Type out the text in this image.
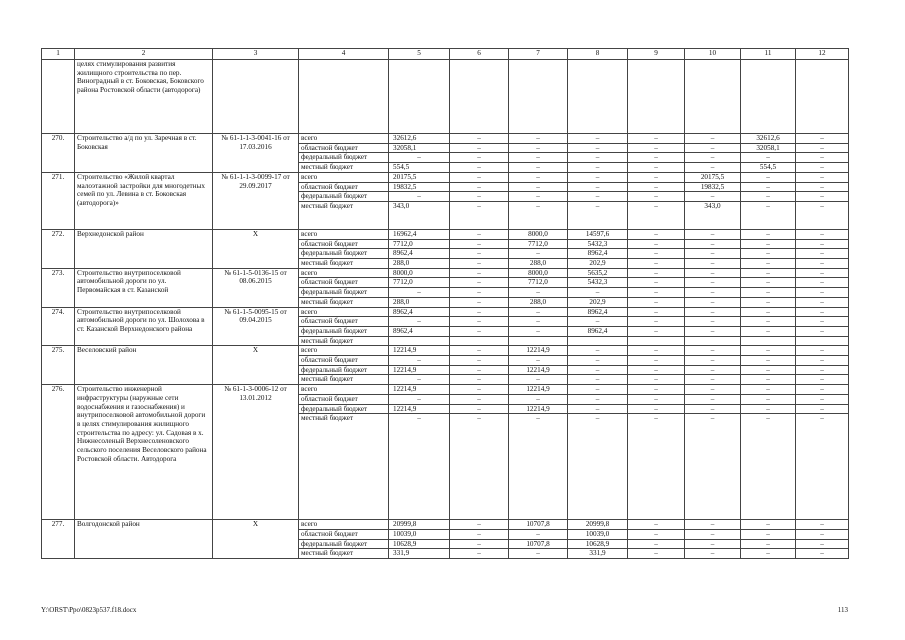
1	2	3	4	5	6	7	8	9	10	11	12
	целях стимулирования развития жилищного строительства по пер. Виноградный в ст. Боковская, Боковского района Ростовской области (автодорога)										
270.	Строительство а/д по ул. Заречная в ст. Боковская	№ 61-1-1-3-0041-16 от 17.03.2016	всего	32612,6	–	–	–	–	–	32612,6	–
			областной бюджет	32058,1	–	–	–	–	–	32058,1	–
			федеральный бюджет	–	–	–	–	–	–	–	–
			местный бюджет	554,5	–	–	–	–	–	554,5	–
271.	Строительство «Жилой квартал малоэтажной застройки для многодетных семей по ул. Левина в ст. Боковская (автодорога)»	№ 61-1-1-3-0099-17 от 29.09.2017	всего	20175,5	–	–	–	–	20175,5	–	–
			областной бюджет	19832,5	–	–	–	–	19832,5	–	–
			федеральный бюджет	–	–	–	–	–	–	–	–
			местный бюджет	343,0	–	–	–	–	343,0	–	–
272.	Верхнедонской район	Х	всего	16962,4	–	8000,0	14597,6	–	–	–	–
			областной бюджет	7712,0	–	7712,0	5432,3	–	–	–	–
			федеральный бюджет	8962,4	–	–	8962,4	–	–	–	–
			местный бюджет	288,0	–	288,0	202,9	–	–	–	–
273.	Строительство внутрипоселковой автомобильной дороги по ул. Первомайская в ст. Казанской	№ 61-1-5-0136-15 от 08.06.2015	всего	8000,0	–	8000,0	5635,2	–	–	–	–
			областной бюджет	7712,0	–	7712,0	5432,3	–	–	–	–
			федеральный бюджет	–	–	–	–	–	–	–	–
			местный бюджет	288,0	–	288,0	202,9	–	–	–	–
274.	Строительство внутрипоселковой автомобильной дороги по ул. Шолохова в ст. Казанской Верхнедонского района	№ 61-1-5-0095-15 от 09.04.2015	всего	8962,4	–	–	8962,4	–	–	–	–
			областной бюджет	–	–	–	–	–	–	–	–
			федеральный бюджет	8962,4	–	–	8962,4	–	–	–	–
			местный бюджет								
275.	Веселовский район	Х	всего	12214,9	–	12214,9	–	–	–	–	–
			областной бюджет	–	–	–	–	–	–	–	–
			федеральный бюджет	12214,9	–	12214,9	–	–	–	–	–
			местный бюджет	–	–	–	–	–	–	–	–
276.	Строительство инженерной инфраструктуры (наружные сети водоснабжения и газоснабжения) и внутрипоселковой автомобильной дороги в целях стимулирования жилищного строительства по адресу: ул. Садовая в х. Нижнесоленый Верхнесоленовского сельского поселения Веселовского района Ростовской области. Автодорога	№ 61-1-3-0006-12 от 13.01.2012	всего	12214,9	–	12214,9	–	–	–	–	–
			областной бюджет	–	–	–	–	–	–	–	–
			федеральный бюджет	12214,9	–	12214,9	–	–	–	–	–
			местный бюджет	–	–	–	–	–	–	–	–
277.	Волгодонской район	Х	всего	20999,8	–	10707,8	20999,8	–	–	–	–
			областной бюджет	10039,0	–	–	10039,0	–	–	–	–
			федеральный бюджет	10628,9	–	10707,8	10628,9	–	–	–	–
			местный бюджет	331,9	–	–	331,9	–	–	–	–
Y:\ORST\Ppo\0823p537.f18.docx	113
